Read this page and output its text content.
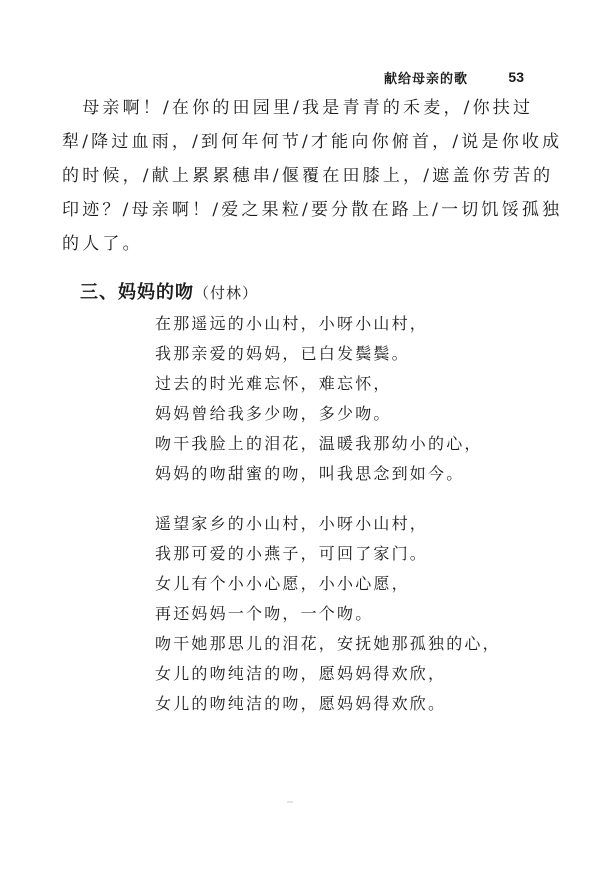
献给母亲的歌	53
　母亲啊！/在你的田园里/我是青青的禾麦，/你扶过
犁/降过血雨，/到何年何节/才能向你俯首，/说是你收成
的时候，/献上累累穗串/偃覆在田膝上，/遮盖你劳苦的
印迹？/母亲啊！/爱之果粒/要分散在路上/一切饥馁孤独
的人了。
三、妈妈的吻（付林）
在那遥远的小山村，小呀小山村，
我那亲爱的妈妈，已白发鬓鬓。
过去的时光难忘怀，难忘怀，
妈妈曾给我多少吻，多少吻。
吻干我脸上的泪花，温暖我那幼小的心，
妈妈的吻甜蜜的吻，叫我思念到如今。
遥望家乡的小山村，小呀小山村，
我那可爱的小燕子，可回了家门。
女儿有个小小心愿，小小心愿，
再还妈妈一个吻，一个吻。
吻干她那思儿的泪花，安抚她那孤独的心，
女儿的吻纯洁的吻，愿妈妈得欢欣，
女儿的吻纯洁的吻，愿妈妈得欢欣。
